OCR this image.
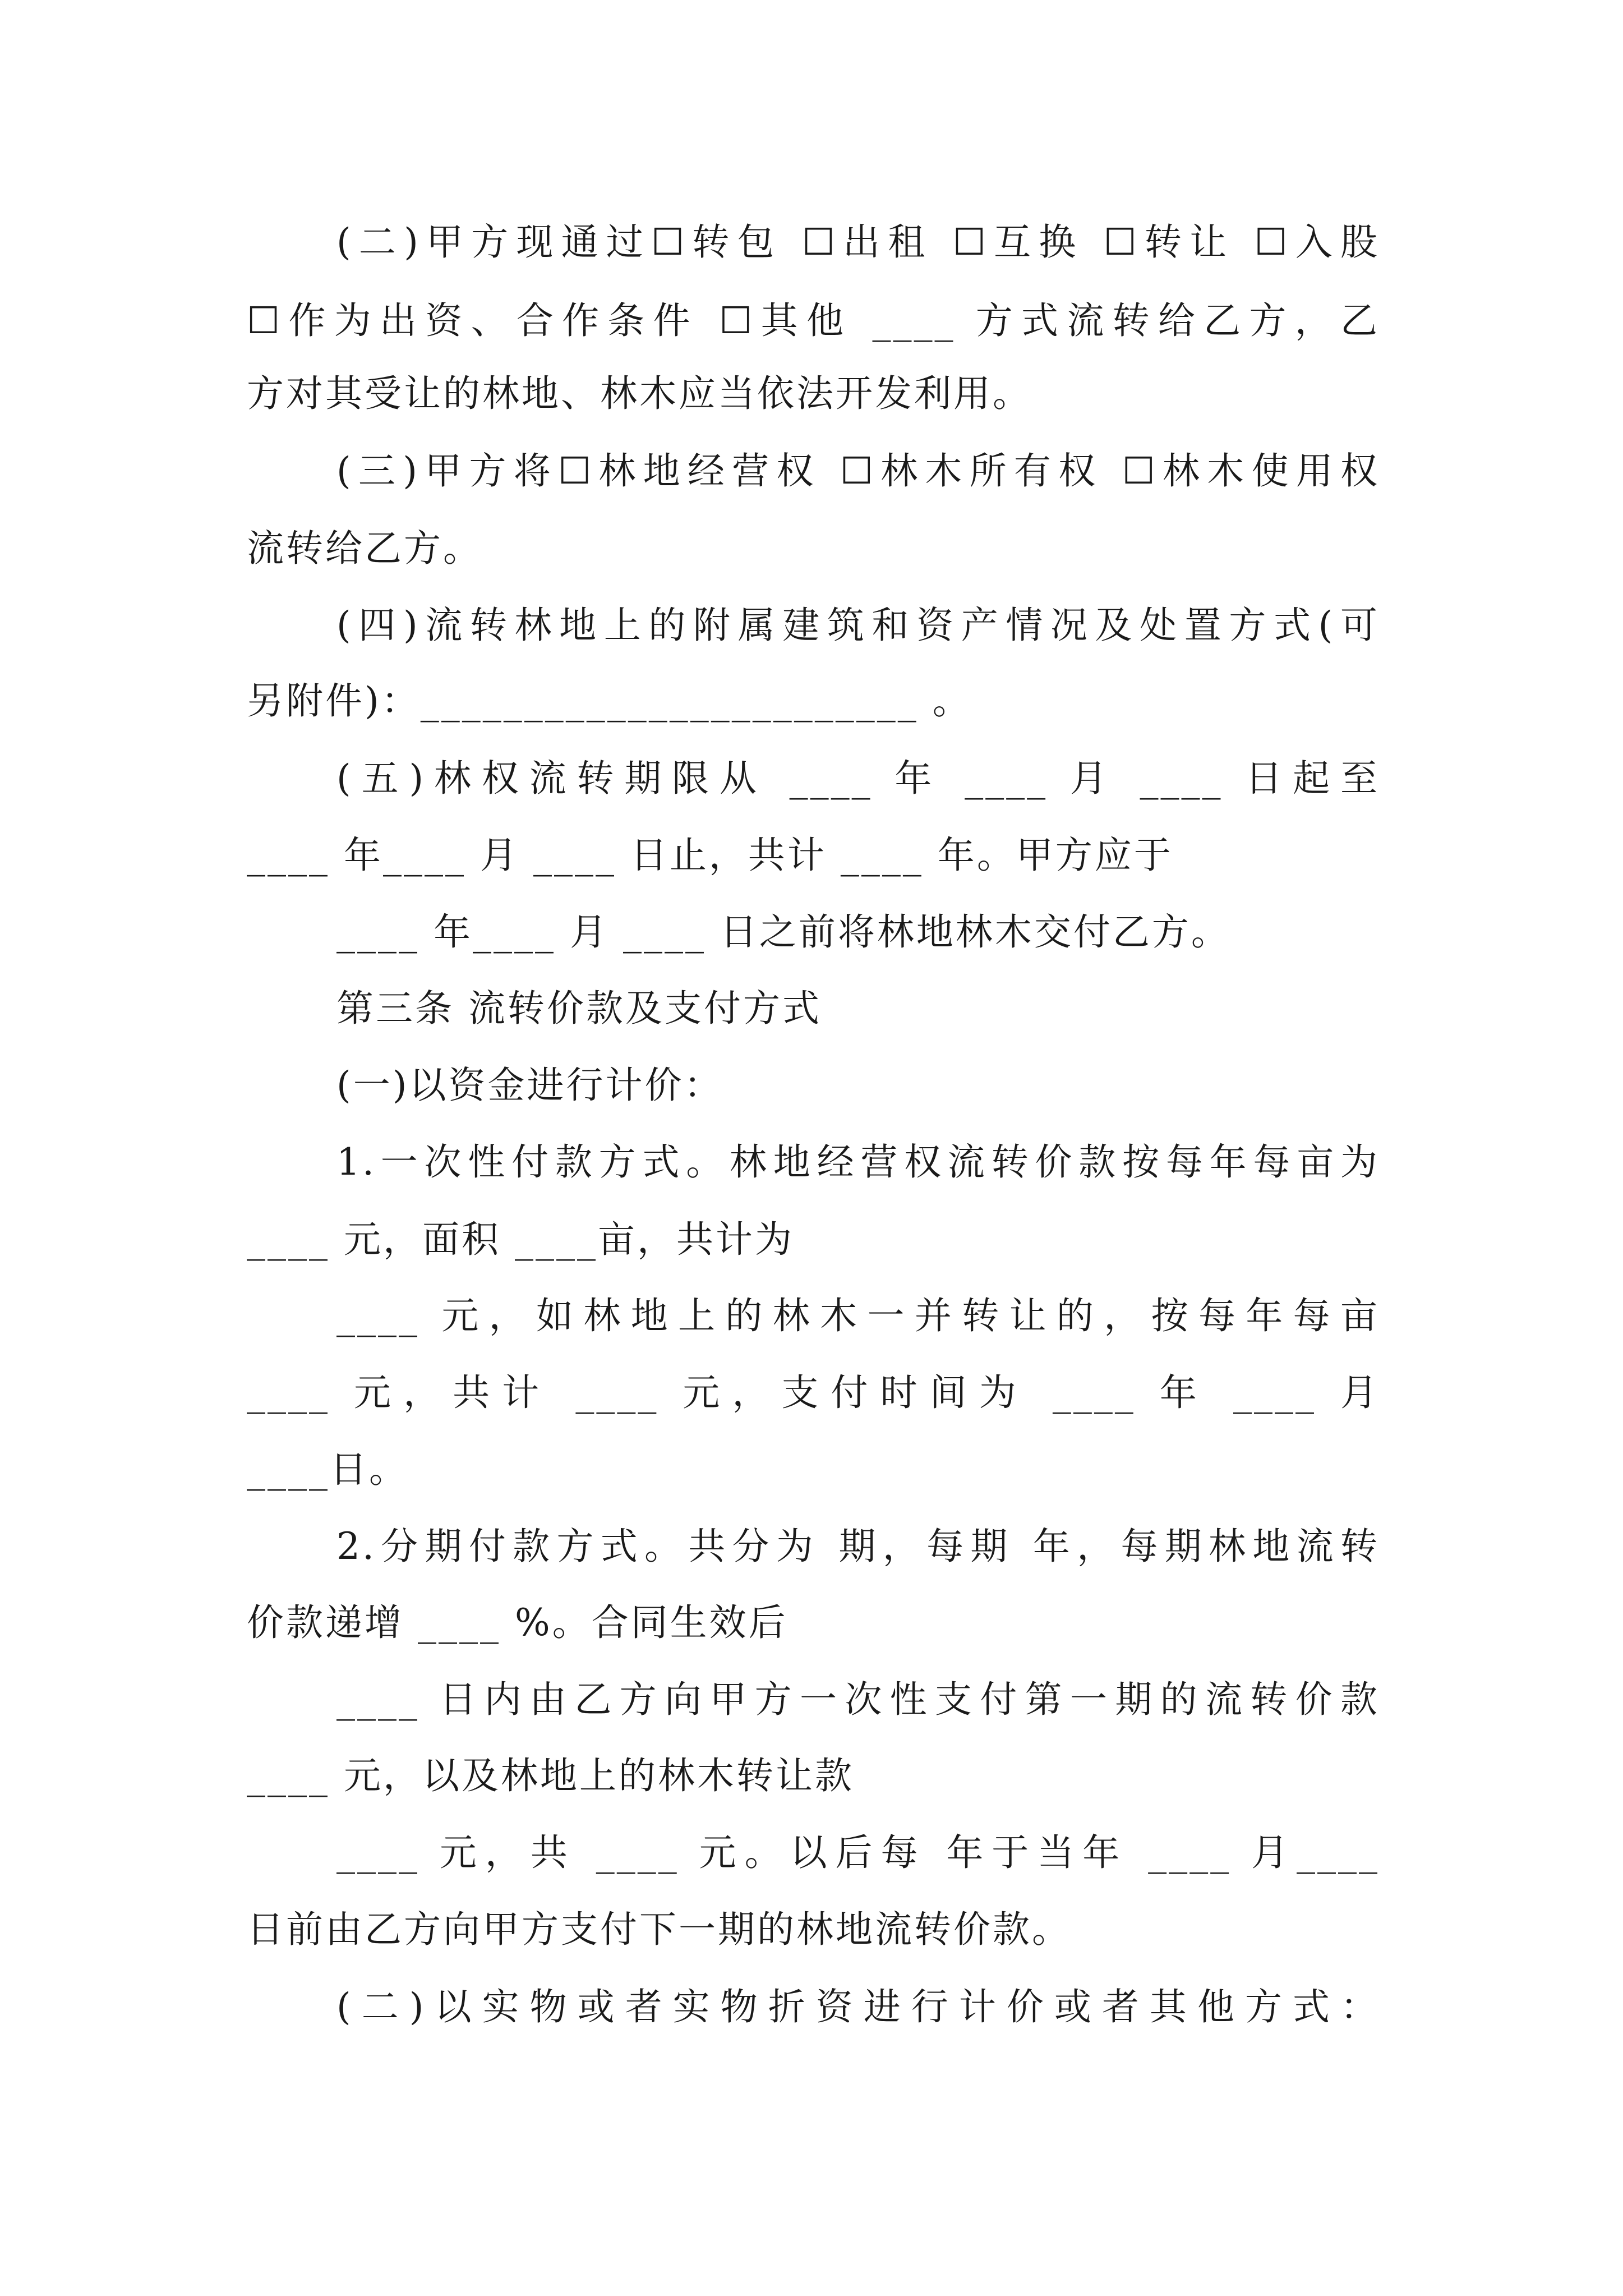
(二)甲方现通过☐转包 ☐出租 ☐互换 ☐转让 ☐入股
☐作为出资、合作条件 ☐其他 ____ 方式流转给乙方，乙
方对其受让的林地、林木应当依法开发利用。
(三)甲方将☐林地经营权 ☐林木所有权 ☐林木使用权
流转给乙方。
(四)流转林地上的附属建筑和资产情况及处置方式(可
另附件)：________________________ 。
(五)林权流转期限从 ____ 年 ____ 月 ____ 日起至
____ 年____ 月 ____ 日止，共计 ____ 年。甲方应于
____ 年____ 月 ____ 日之前将林地林木交付乙方。
第三条 流转价款及支付方式
(一)以资金进行计价：
1.一次性付款方式。林地经营权流转价款按每年每亩为
____ 元，面积 ____亩，共计为
____ 元，如林地上的林木一并转让的，按每年每亩
____ 元，共计 ____ 元，支付时间为 ____ 年 ____ 月
____日。
2.分期付款方式。共分为 期，每期 年，每期林地流转
价款递增 ____ %。合同生效后
____ 日内由乙方向甲方一次性支付第一期的流转价款
____ 元，以及林地上的林木转让款
____ 元，共 ____ 元。以后每 年于当年 ____ 月____
日前由乙方向甲方支付下一期的林地流转价款。
(二)以实物或者实物折资进行计价或者其他方式：
